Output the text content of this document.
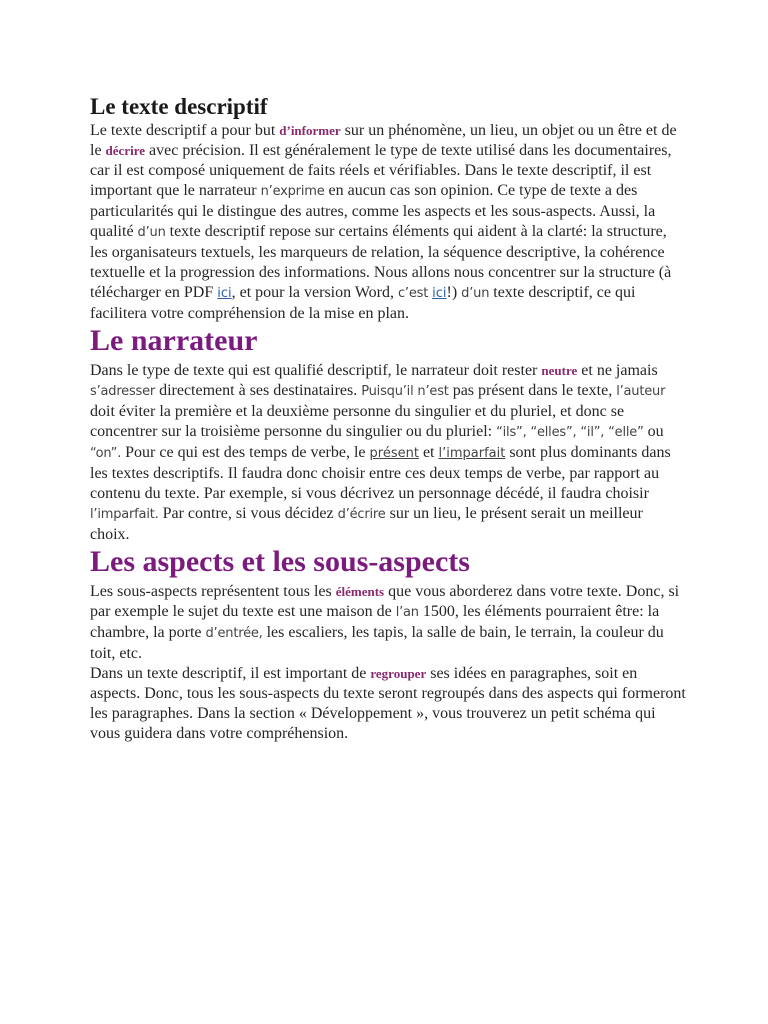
Le texte descriptif

Le texte descriptif a pour but d’informer sur un phénomène, un lieu, un objet ou un être et de le décrire avec précision. Il est généralement le type de texte utilisé dans les documentaires, car il est composé uniquement de faits réels et vérifiables. Dans le texte descriptif, il est important que le narrateur n’exprime en aucun cas son opinion. Ce type de texte a des particularités qui le distingue des autres, comme les aspects et les sous-aspects. Aussi, la qualité d’un texte descriptif repose sur certains éléments qui aident à la clarté: la structure, les organisateurs textuels, les marqueurs de relation, la séquence descriptive, la cohérence textuelle et la progression des informations. Nous allons nous concentrer sur la structure (à télécharger en PDF ici, et pour la version Word, c’est ici!) d’un texte descriptif, ce qui facilitera votre compréhension de la mise en plan.

Le narrateur

Dans le type de texte qui est qualifié descriptif, le narrateur doit rester neutre et ne jamais s’adresser directement à ses destinataires. Puisqu’il n’est pas présent dans le texte, l’auteur doit éviter la première et la deuxième personne du singulier et du pluriel, et donc se concentrer sur la troisième personne du singulier ou du pluriel: “ils”, “elles”, “il”, “elle” ou “on”. Pour ce qui est des temps de verbe, le présent et l’imparfait sont plus dominants dans les textes descriptifs. Il faudra donc choisir entre ces deux temps de verbe, par rapport au contenu du texte. Par exemple, si vous décrivez un personnage décédé, il faudra choisir l’imparfait. Par contre, si vous décidez d’écrire sur un lieu, le présent serait un meilleur choix.

Les aspects et les sous-aspects

Les sous-aspects représentent tous les éléments que vous aborderez dans votre texte. Donc, si par exemple le sujet du texte est une maison de l’an 1500, les éléments pourraient être: la chambre, la porte d’entrée, les escaliers, les tapis, la salle de bain, le terrain, la couleur du toit, etc.

Dans un texte descriptif, il est important de regrouper ses idées en paragraphes, soit en aspects. Donc, tous les sous-aspects du texte seront regroupés dans des aspects qui formeront les paragraphes. Dans la section « Développement », vous trouverez un petit schéma qui vous guidera dans votre compréhension.
